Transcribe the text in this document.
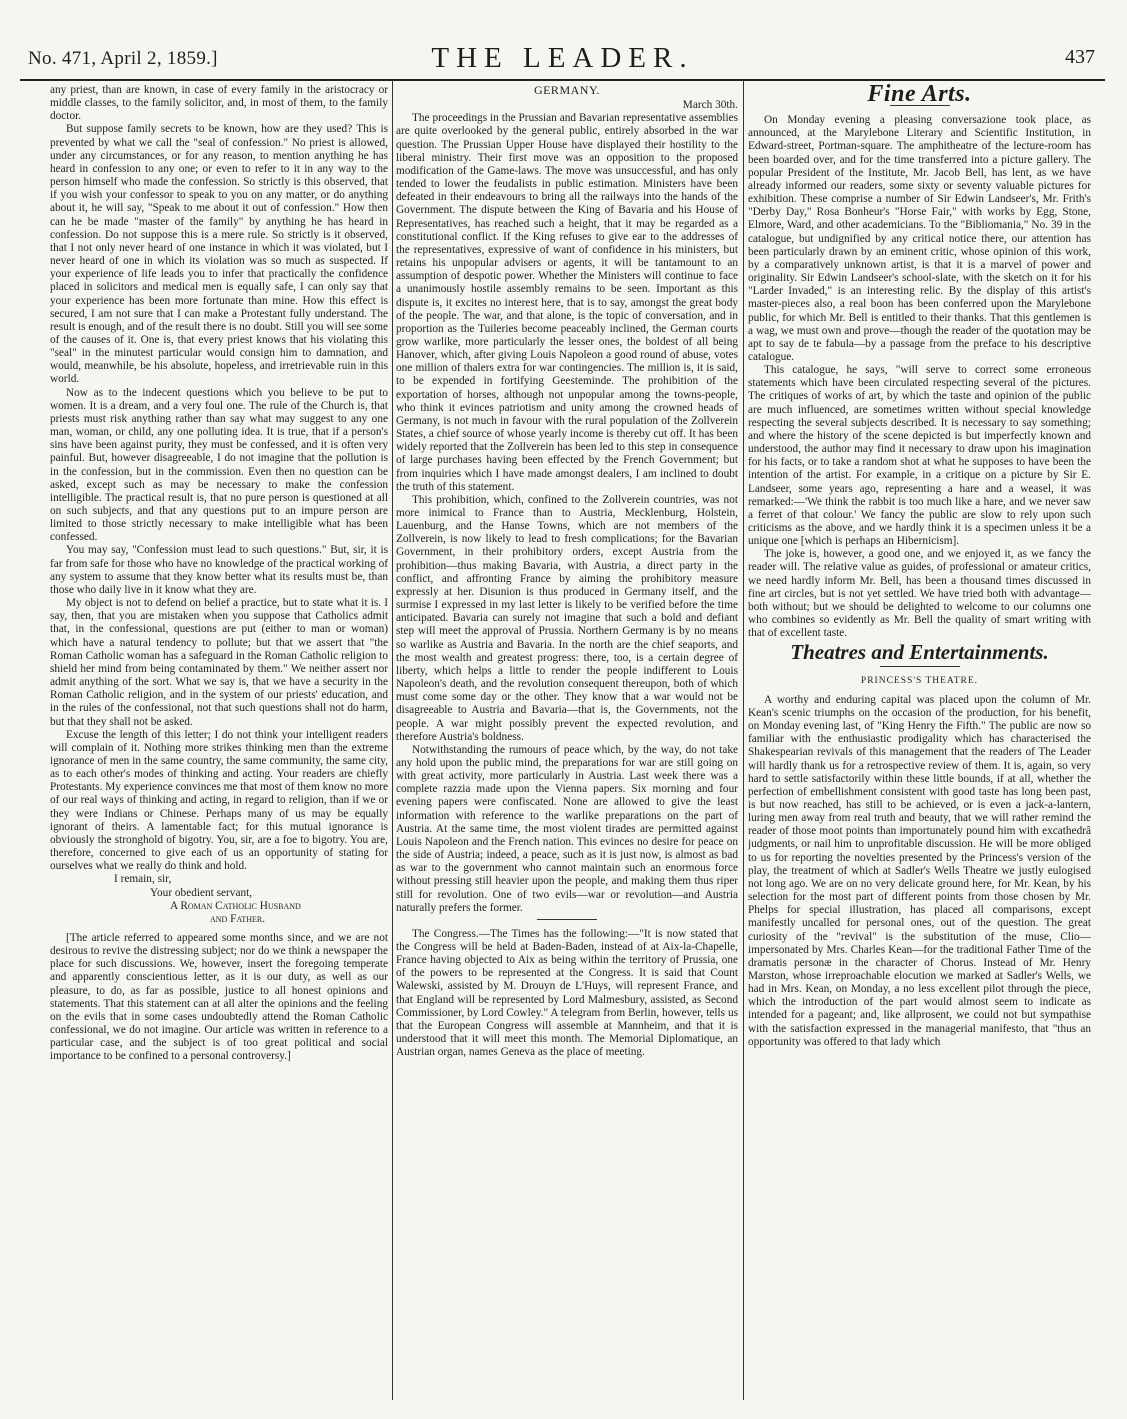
No. 471, April 2, 1859.]	THE LEADER.	437

any priest, than are known, in case of every family in the aristocracy or middle classes, to the family solicitor, and, in most of them, to the family doctor.

But suppose family secrets to be known, how are they used? This is prevented by what we call the "seal of confession." No priest is allowed, under any circumstances, or for any reason, to mention anything he has heard in confession to any one; or even to refer to it in any way to the person himself who made the confession. So strictly is this observed, that if you wish your confessor to speak to you on any matter, or do anything about it, he will say, "Speak to me about it out of confession." How then can he be made "master of the family" by anything he has heard in confession. Do not suppose this is a mere rule. So strictly is it observed, that I not only never heard of one instance in which it was violated, but I never heard of one in which its violation was so much as suspected. If your experience of life leads you to infer that practically the confidence placed in solicitors and medical men is equally safe, I can only say that your experience has been more fortunate than mine. How this effect is secured, I am not sure that I can make a Protestant fully understand. The result is enough, and of the result there is no doubt. Still you will see some of the causes of it. One is, that every priest knows that his violating this "seal" in the minutest particular would consign him to damnation, and would, meanwhile, be his absolute, hopeless, and irretrievable ruin in this world.

Now as to the indecent questions which you believe to be put to women. It is a dream, and a very foul one. The rule of the Church is, that priests must risk anything rather than say what may suggest to any one man, woman, or child, any one polluting idea. It is true, that if a person's sins have been against purity, they must be confessed, and it is often very painful. But, however disagreeable, I do not imagine that the pollution is in the confession, but in the commission. Even then no question can be asked, except such as may be necessary to make the confession intelligible. The practical result is, that no pure person is questioned at all on such subjects, and that any questions put to an impure person are limited to those strictly necessary to make intelligible what has been confessed.

You may say, "Confession must lead to such questions." But, sir, it is far from safe for those who have no knowledge of the practical working of any system to assume that they know better what its results must be, than those who daily live in it know what they are.

My object is not to defend on belief a practice, but to state what it is. I say, then, that you are mistaken when you suppose that Catholics admit that, in the confessional, questions are put (either to man or woman) which have a natural tendency to pollute; but that we assert that "the Roman Catholic woman has a safeguard in the Roman Catholic religion to shield her mind from being contaminated by them." We neither assert nor admit anything of the sort. What we say is, that we have a security in the Roman Catholic religion, and in the system of our priests' education, and in the rules of the confessional, not that such questions shall not do harm, but that they shall not be asked.

Excuse the length of this letter; I do not think your intelligent readers will complain of it. Nothing more strikes thinking men than the extreme ignorance of men in the same country, the same community, the same city, as to each other's modes of thinking and acting. Your readers are chiefly Protestants. My experience convinces me that most of them know no more of our real ways of thinking and acting, in regard to religion, than if we or they were Indians or Chinese. Perhaps many of us may be equally ignorant of theirs. A lamentable fact; for this mutual ignorance is obviously the stronghold of bigotry. You, sir, are a foe to bigotry. You are, therefore, concerned to give each of us an opportunity of stating for ourselves what we really do think and hold.

I remain, sir,

Your obedient servant,

A Roman Catholic Husband

and Father.

[The article referred to appeared some months since, and we are not desirous to revive the distressing subject; nor do we think a newspaper the place for such discussions. We, however, insert the foregoing temperate and apparently conscientious letter, as it is our duty, as well as our pleasure, to do, as far as possible, justice to all honest opinions and statements. That this statement can at all alter the opinions and the feeling on the evils that in some cases undoubtedly attend the Roman Catholic confessional, we do not imagine. Our article was written in reference to a particular case, and the subject is of too great political and social importance to be confined to a personal controversy.]

GERMANY.

March 30th.

The proceedings in the Prussian and Bavarian representative assemblies are quite overlooked by the general public, entirely absorbed in the war question. The Prussian Upper House have displayed their hostility to the liberal ministry. Their first move was an opposition to the proposed modification of the Game-laws. The move was unsuccessful, and has only tended to lower the feudalists in public estimation. Ministers have been defeated in their endeavours to bring all the railways into the hands of the Government. The dispute between the King of Bavaria and his House of Representatives, has reached such a height, that it may be regarded as a constitutional conflict. If the King refuses to give ear to the addresses of the representatives, expressive of want of confidence in his ministers, but retains his unpopular advisers or agents, it will be tantamount to an assumption of despotic power. Whether the Ministers will continue to face a unanimously hostile assembly remains to be seen. Important as this dispute is, it excites no interest here, that is to say, amongst the great body of the people. The war, and that alone, is the topic of conversation, and in proportion as the Tuileries become peaceably inclined, the German courts grow warlike, more particularly the lesser ones, the boldest of all being Hanover, which, after giving Louis Napoleon a good round of abuse, votes one million of thalers extra for war contingencies. The million is, it is said, to be expended in fortifying Geesteminde. The prohibition of the exportation of horses, although not unpopular among the towns-people, who think it evinces patriotism and unity among the crowned heads of Germany, is not much in favour with the rural population of the Zollverein States, a chief source of whose yearly income is thereby cut off. It has been widely reported that the Zollverein has been led to this step in consequence of large purchases having been effected by the French Government; but from inquiries which I have made amongst dealers, I am inclined to doubt the truth of this statement.

This prohibition, which, confined to the Zollverein countries, was not more inimical to France than to Austria, Mecklenburg, Holstein, Lauenburg, and the Hanse Towns, which are not members of the Zollverein, is now likely to lead to fresh complications; for the Bavarian Government, in their prohibitory orders, except Austria from the prohibition—thus making Bavaria, with Austria, a direct party in the conflict, and affronting France by aiming the prohibitory measure expressly at her. Disunion is thus produced in Germany itself, and the surmise I expressed in my last letter is likely to be verified before the time anticipated. Bavaria can surely not imagine that such a bold and defiant step will meet the approval of Prussia. Northern Germany is by no means so warlike as Austria and Bavaria. In the north are the chief seaports, and the most wealth and greatest progress: there, too, is a certain degree of liberty, which helps a little to render the people indifferent to Louis Napoleon's death, and the revolution consequent thereupon, both of which must come some day or the other. They know that a war would not be disagreeable to Austria and Bavaria—that is, the Governments, not the people. A war might possibly prevent the expected revolution, and therefore Austria's boldness.

Notwithstanding the rumours of peace which, by the way, do not take any hold upon the public mind, the preparations for war are still going on with great activity, more particularly in Austria. Last week there was a complete razzia made upon the Vienna papers. Six morning and four evening papers were confiscated. None are allowed to give the least information with reference to the warlike preparations on the part of Austria. At the same time, the most violent tirades are permitted against Louis Napoleon and the French nation. This evinces no desire for peace on the side of Austria; indeed, a peace, such as it is just now, is almost as bad as war to the government who cannot maintain such an enormous force without pressing still heavier upon the people, and making them thus riper still for revolution. One of two evils—war or revolution—and Austria naturally prefers the former.

The Congress.—The Times has the following:—"It is now stated that the Congress will be held at Baden-Baden, instead of at Aix-la-Chapelle, France having objected to Aix as being within the territory of Prussia, one of the powers to be represented at the Congress. It is said that Count Walewski, assisted by M. Drouyn de L'Huys, will represent France, and that England will be represented by Lord Malmesbury, assisted, as Second Commissioner, by Lord Cowley." A telegram from Berlin, however, tells us that the European Congress will assemble at Mannheim, and that it is understood that it will meet this month. The Memorial Diplomatique, an Austrian organ, names Geneva as the place of meeting.

Fine Arts.

On Monday evening a pleasing conversazione took place, as announced, at the Marylebone Literary and Scientific Institution, in Edward-street, Portman-square. The amphitheatre of the lecture-room has been boarded over, and for the time transferred into a picture gallery. The popular President of the Institute, Mr. Jacob Bell, has lent, as we have already informed our readers, some sixty or seventy valuable pictures for exhibition. These comprise a number of Sir Edwin Landseer's, Mr. Frith's "Derby Day," Rosa Bonheur's "Horse Fair," with works by Egg, Stone, Elmore, Ward, and other academicians. To the "Bibliomania," No. 39 in the catalogue, but undignified by any critical notice there, our attention has been particularly drawn by an eminent critic, whose opinion of this work, by a comparatively unknown artist, is that it is a marvel of power and originality. Sir Edwin Landseer's school-slate, with the sketch on it for his "Larder Invaded," is an interesting relic. By the display of this artist's master-pieces also, a real boon has been conferred upon the Marylebone public, for which Mr. Bell is entitled to their thanks. That this gentlemen is a wag, we must own and prove—though the reader of the quotation may be apt to say de te fabula—by a passage from the preface to his descriptive catalogue.

This catalogue, he says, "will serve to correct some erroneous statements which have been circulated respecting several of the pictures. The critiques of works of art, by which the taste and opinion of the public are much influenced, are sometimes written without special knowledge respecting the several subjects described. It is necessary to say something; and where the history of the scene depicted is but imperfectly known and understood, the author may find it necessary to draw upon his imagination for his facts, or to take a random shot at what he supposes to have been the intention of the artist. For example, in a critique on a picture by Sir E. Landseer, some years ago, representing a hare and a weasel, it was remarked:—'We think the rabbit is too much like a hare, and we never saw a ferret of that colour.' We fancy the public are slow to rely upon such criticisms as the above, and we hardly think it is a specimen unless it be a unique one [which is perhaps an Hibernicism].

The joke is, however, a good one, and we enjoyed it, as we fancy the reader will. The relative value as guides, of professional or amateur critics, we need hardly inform Mr. Bell, has been a thousand times discussed in fine art circles, but is not yet settled. We have tried both with advantage—both without; but we should be delighted to welcome to our columns one who combines so evidently as Mr. Bell the quality of smart writing with that of excellent taste.

Theatres and Entertainments.
PRINCESS'S THEATRE.

A worthy and enduring capital was placed upon the column of Mr. Kean's scenic triumphs on the occasion of the production, for his benefit, on Monday evening last, of "King Henry the Fifth." The public are now so familiar with the enthusiastic prodigality which has characterised the Shakespearian revivals of this management that the readers of The Leader will hardly thank us for a retrospective review of them. It is, again, so very hard to settle satisfactorily within these little bounds, if at all, whether the perfection of embellishment consistent with good taste has long been past, is but now reached, has still to be achieved, or is even a jack-a-lantern, luring men away from real truth and beauty, that we will rather remind the reader of those moot points than importunately pound him with excathedrâ judgments, or nail him to unprofitable discussion. He will be more obliged to us for reporting the novelties presented by the Princess's version of the play, the treatment of which at Sadler's Wells Theatre we justly eulogised not long ago. We are on no very delicate ground here, for Mr. Kean, by his selection for the most part of different points from those chosen by Mr. Phelps for special illustration, has placed all comparisons, except manifestly uncalled for personal ones, out of the question. The great curiosity of the "revival" is the substitution of the muse, Clio—impersonated by Mrs. Charles Kean—for the traditional Father Time of the dramatis personæ in the character of Chorus. Instead of Mr. Henry Marston, whose irreproachable elocution we marked at Sadler's Wells, we had in Mrs. Kean, on Monday, a no less excellent pilot through the piece, which the introduction of the part would almost seem to indicate as intended for a pageant; and, like allprosent, we could not but sympathise with the satisfaction expressed in the managerial manifesto, that "thus an opportunity was offered to that lady which
